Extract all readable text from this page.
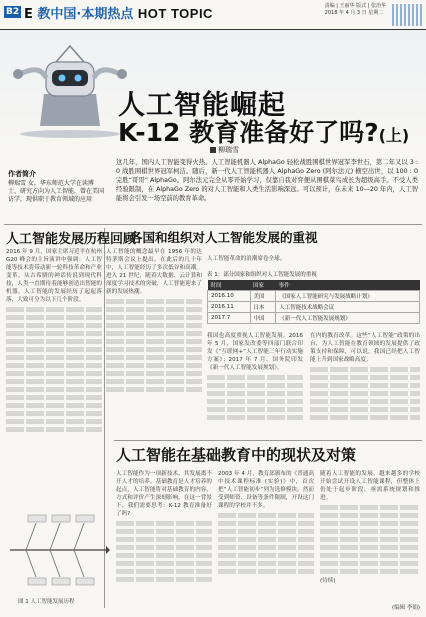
B2 E 教中国·本期热点 HOT TOPIC	责编 | 王丽华 版式 | 张治华
2018 年 4 月 3 日 星期二
人工智能崛起
K-12 教育准备好了吗?(上)
柳瑞雪
作者简介
柳瑞雪 女，华东师范大学在读博士，研究方向为人工智能，曾在美国访学，现供职于教育领域的应用
这几年，国内人工智能变得火热。人工智能机器人 AlphaGo 轻松战胜围棋世界冠军李世石，第二年又以 3 : 0 战胜围棋世界冠军柯洁。随后，新一代人工智能机器人 AlphaGo Zero (阿尔法元) 横空出世，以 100 : 0 完胜“哥哥” AlphaGo。阿尔法元完全从零开始学习，仅靠自我对弈便从围棋菜鸟成长为超级高手。不受人类经验限制，在 AlphaGo Zero 的对人工智能和人类生活影响深远。可以预计，在未来 10—20 年内，人工智能将会引发一场空前的教育革命。
人工智能发展历程回顾
各国和组织对人工智能发展的重视
人工智能在基础教育中的现状及对策
2016 年 9 月，国家主席习近平在杭州 G20 峰会的主旨演讲中强调：人工智能等技术将带动新一轮科技革命和产业变革。从古希腊的神话传说到现代科技，人类一直期待着能够创造出智能的机器。人工智能的发展经历了起起落落，大致可分为以下几个阶段。
人工智能的概念最早在 1956 年的达特茅斯会议上提出。在此后的几十年中，人工智能经历了多次低谷和高潮。进入 21 世纪，随着大数据、云计算和深度学习技术的突破，人工智能迎来了新的发展热潮。
人工智能革命的浪潮席卷全球。
我国也高度重视人工智能发展。2016 年 5 月，国家发改委等四部门联合印发《“互联网+”人工智能三年行动实施方案》；2017 年 7 月，国务院印发《新一代人工智能发展规划》。
在内的教育改革。这些“人工智能”政策的出台，为人工智能在教育领域的发展提供了政策支持和保障，可以说，我国已经把人工智能上升到国家战略高度。
人工智能作为一项新技术，其发展离不开人才的培养。基础教育是人才培养的起点，人工智能将对基础教育的内容、方式和评价产生深刻影响。在这一背景下，我们需要思考：K-12 教育准备好了吗?
2003 年 4 月，教育部颁布的《普通高中技术课程标准 (实验)》中，首次把“人工智能初步”列为选修模块。然而受到师资、设备等条件限制，开设这门课程的学校并不多。
随着人工智能的发展，越来越多的学校开始尝试开设人工智能课程，但整体上仍处于起步阶段，亟需系统规划和推进。
(待续)
表 1：部分国家和组织对人工智能发展的重视
时间	国家	事件
2016.10	美国	《国家人工智能研究与发展战略计划》
2016.11	日本	人工智能技术战略会议
2017.7	中国	《新一代人工智能发展规划》
图 1 人工智能发展历程
(编辑 李娟)
